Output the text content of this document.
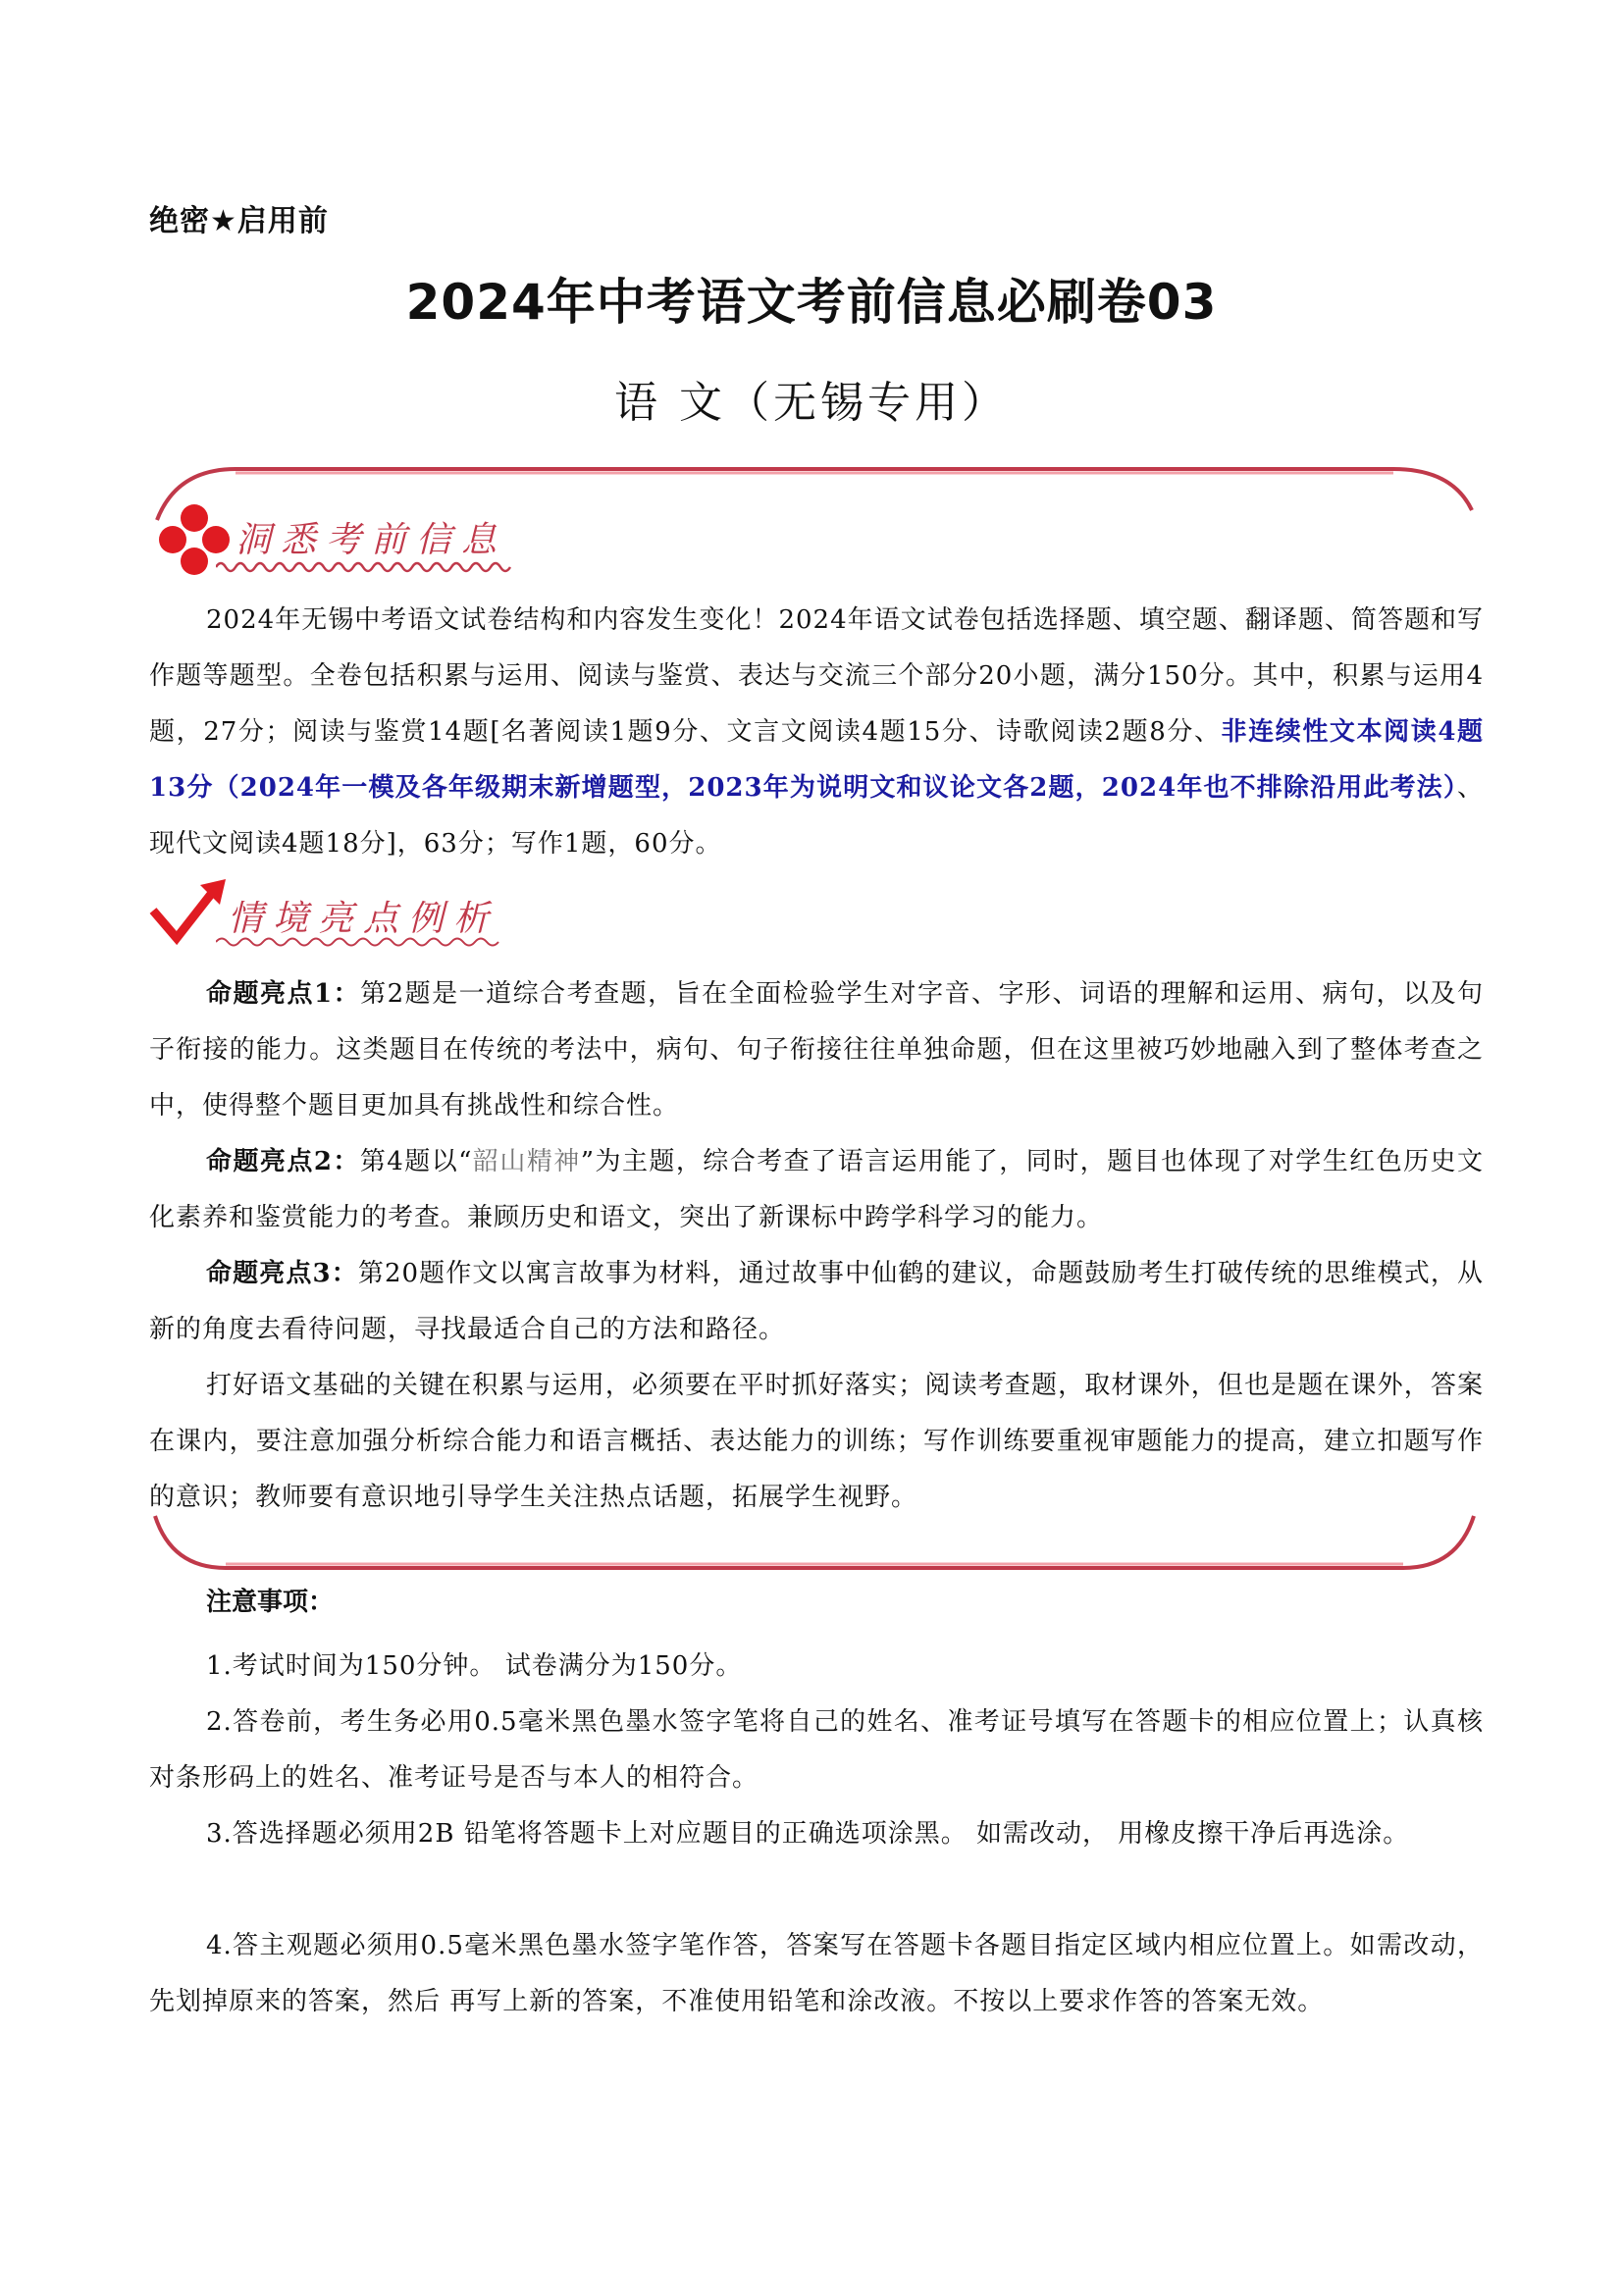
绝密★启用前
2024年中考语文考前信息必刷卷03
语 文（无锡专用）
洞悉考前信息
2024年无锡中考语文试卷结构和内容发生变化！2024年语文试卷包括选择题、填空题、翻译题、简答题和写作题等题型。全卷包括积累与运用、阅读与鉴赏、表达与交流三个部分20小题，满分150分。其中，积累与运用4题，27分；阅读与鉴赏14题[名著阅读1题9分、文言文阅读4题15分、诗歌阅读2题8分、非连续性文本阅读4题13分（2024年一模及各年级期末新增题型，2023年为说明文和议论文各2题，2024年也不排除沿用此考法）、现代文阅读4题18分]，63分；写作1题，60分。
情境亮点例析
命题亮点1：第2题是一道综合考查题，旨在全面检验学生对字音、字形、词语的理解和运用、病句，以及句子衔接的能力。这类题目在传统的考法中，病句、句子衔接往往单独命题，但在这里被巧妙地融入到了整体考查之中，使得整个题目更加具有挑战性和综合性。
命题亮点2：第4题以“韶山精神”为主题，综合考查了语言运用能了，同时，题目也体现了对学生红色历史文化素养和鉴赏能力的考查。兼顾历史和语文，突出了新课标中跨学科学习的能力。
命题亮点3：第20题作文以寓言故事为材料，通过故事中仙鹤的建议，命题鼓励考生打破传统的思维模式，从新的角度去看待问题，寻找最适合自己的方法和路径。
打好语文基础的关键在积累与运用，必须要在平时抓好落实；阅读考查题，取材课外，但也是题在课外，答案在课内，要注意加强分析综合能力和语言概括、表达能力的训练；写作训练要重视审题能力的提高，建立扣题写作的意识；教师要有意识地引导学生关注热点话题，拓展学生视野。
注意事项：
1.考试时间为150分钟。 试卷满分为150分。
2.答卷前，考生务必用0.5毫米黑色墨水签字笔将自己的姓名、准考证号填写在答题卡的相应位置上；认真核对条形码上的姓名、准考证号是否与本人的相符合。
3.答选择题必须用2B 铅笔将答题卡上对应题目的正确选项涂黑。 如需改动， 用橡皮擦干净后再选涂。
4.答主观题必须用0.5毫米黑色墨水签字笔作答，答案写在答题卡各题目指定区域内相应位置上。如需改动，先划掉原来的答案，然后 再写上新的答案，不准使用铅笔和涂改液。不按以上要求作答的答案无效。
